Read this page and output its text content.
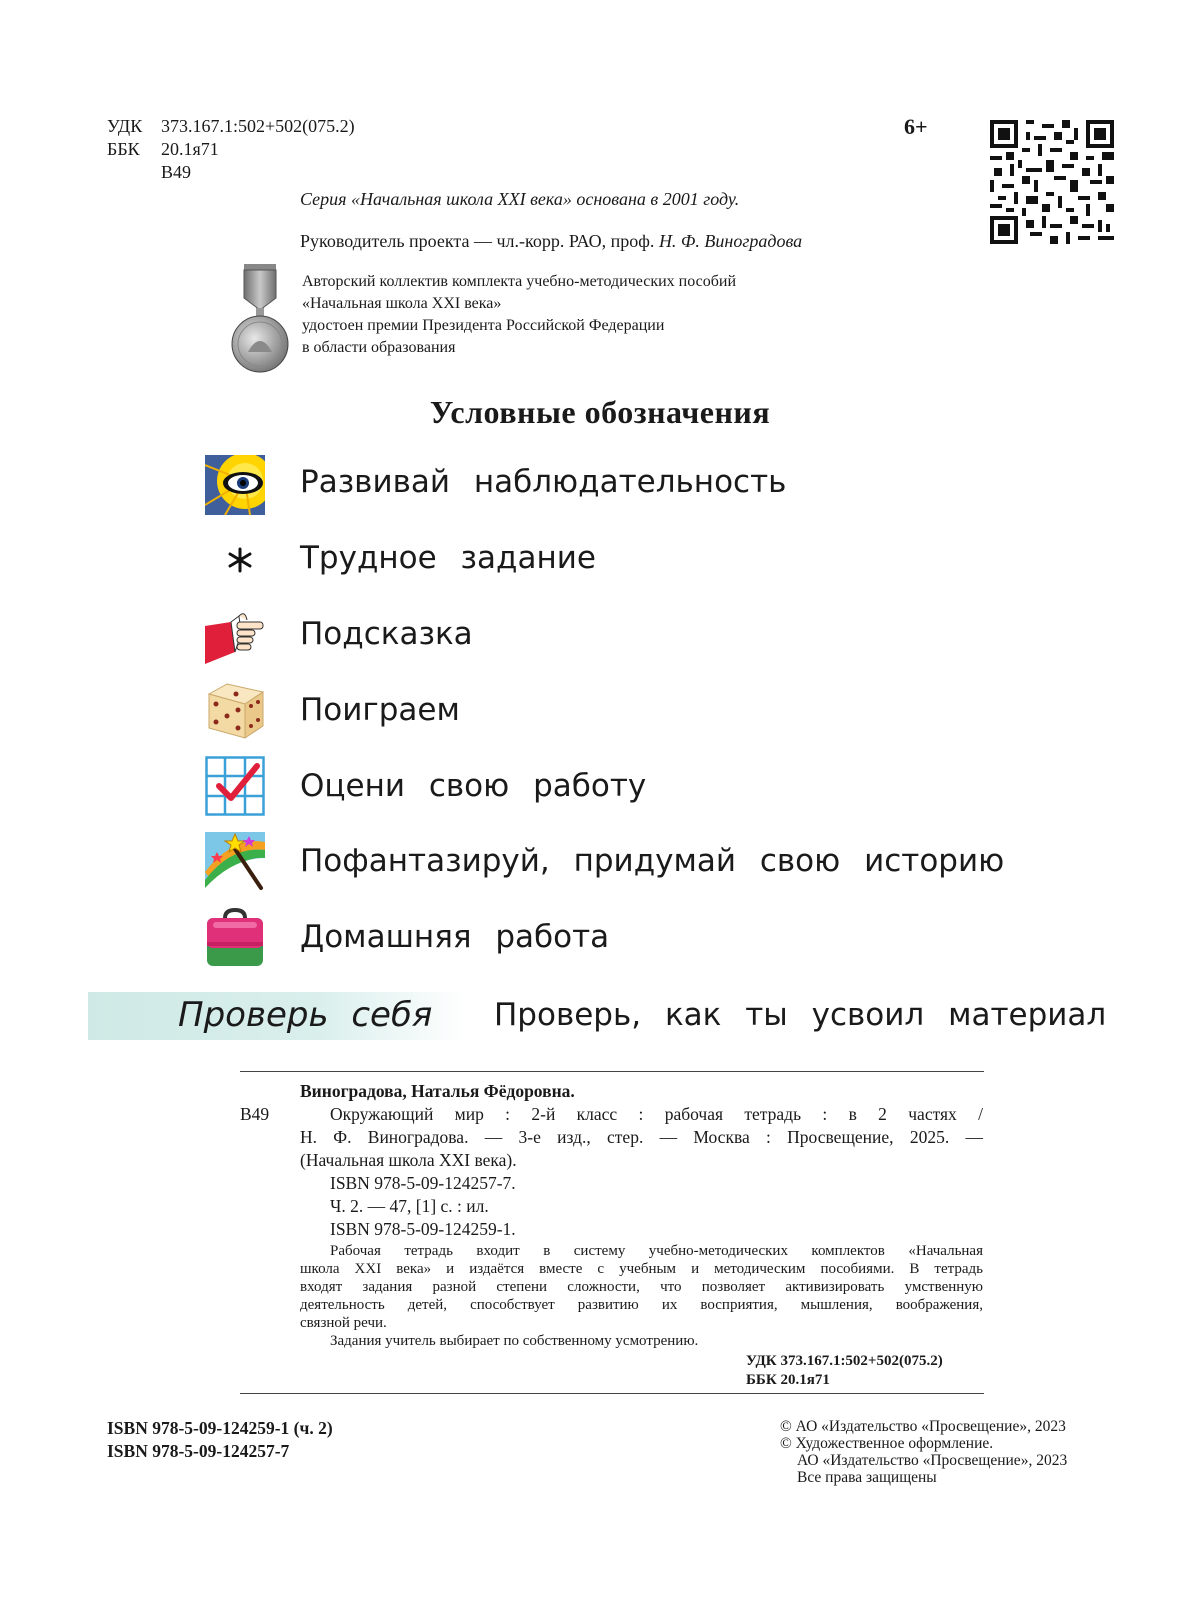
УДК 373.167.1:502+502(075.2)
ББК 20.1я71
В49
6+
Серия «Начальная школа XXI века» основана в 2001 году.
Руководитель проекта — чл.-корр. РАО, проф. Н. Ф. Виноградова
Авторский коллектив комплекта учебно-методических пособий
«Начальная школа XXI века»
удостоен премии Президента Российской Федерации
в области образования
Условные обозначения
Развивай наблюдательность
Трудное задание
Подсказка
Поиграем
Оцени свою работу
Пофантазируй, придумай свою историю
Домашняя работа
Проверь себя Проверь, как ты усвоил материал
Виноградова, Наталья Фёдоровна.
В49	Окружающий мир : 2-й класс : рабочая тетрадь : в 2 частях /
Н. Ф. Виноградова. — 3-е изд., стер. — Москва : Просвещение, 2025. —
(Начальная школа XXI века).
ISBN 978-5-09-124257-7.
Ч. 2. — 47, [1] с. : ил.
ISBN 978-5-09-124259-1.
Рабочая тетрадь входит в систему учебно-методических комплектов «Начальная
школа XXI века» и издаётся вместе с учебным и методическим пособиями. В тетрадь
входят задания разной степени сложности, что позволяет активизировать умственную
деятельность детей, способствует развитию их восприятия, мышления, воображения,
связной речи.
Задания учитель выбирает по собственному усмотрению.
УДК 373.167.1:502+502(075.2)
ББК 20.1я71
ISBN 978-5-09-124259-1 (ч. 2)
ISBN 978-5-09-124257-7
© АО «Издательство «Просвещение», 2023
© Художественное оформление.
АО «Издательство «Просвещение», 2023
Все права защищены
